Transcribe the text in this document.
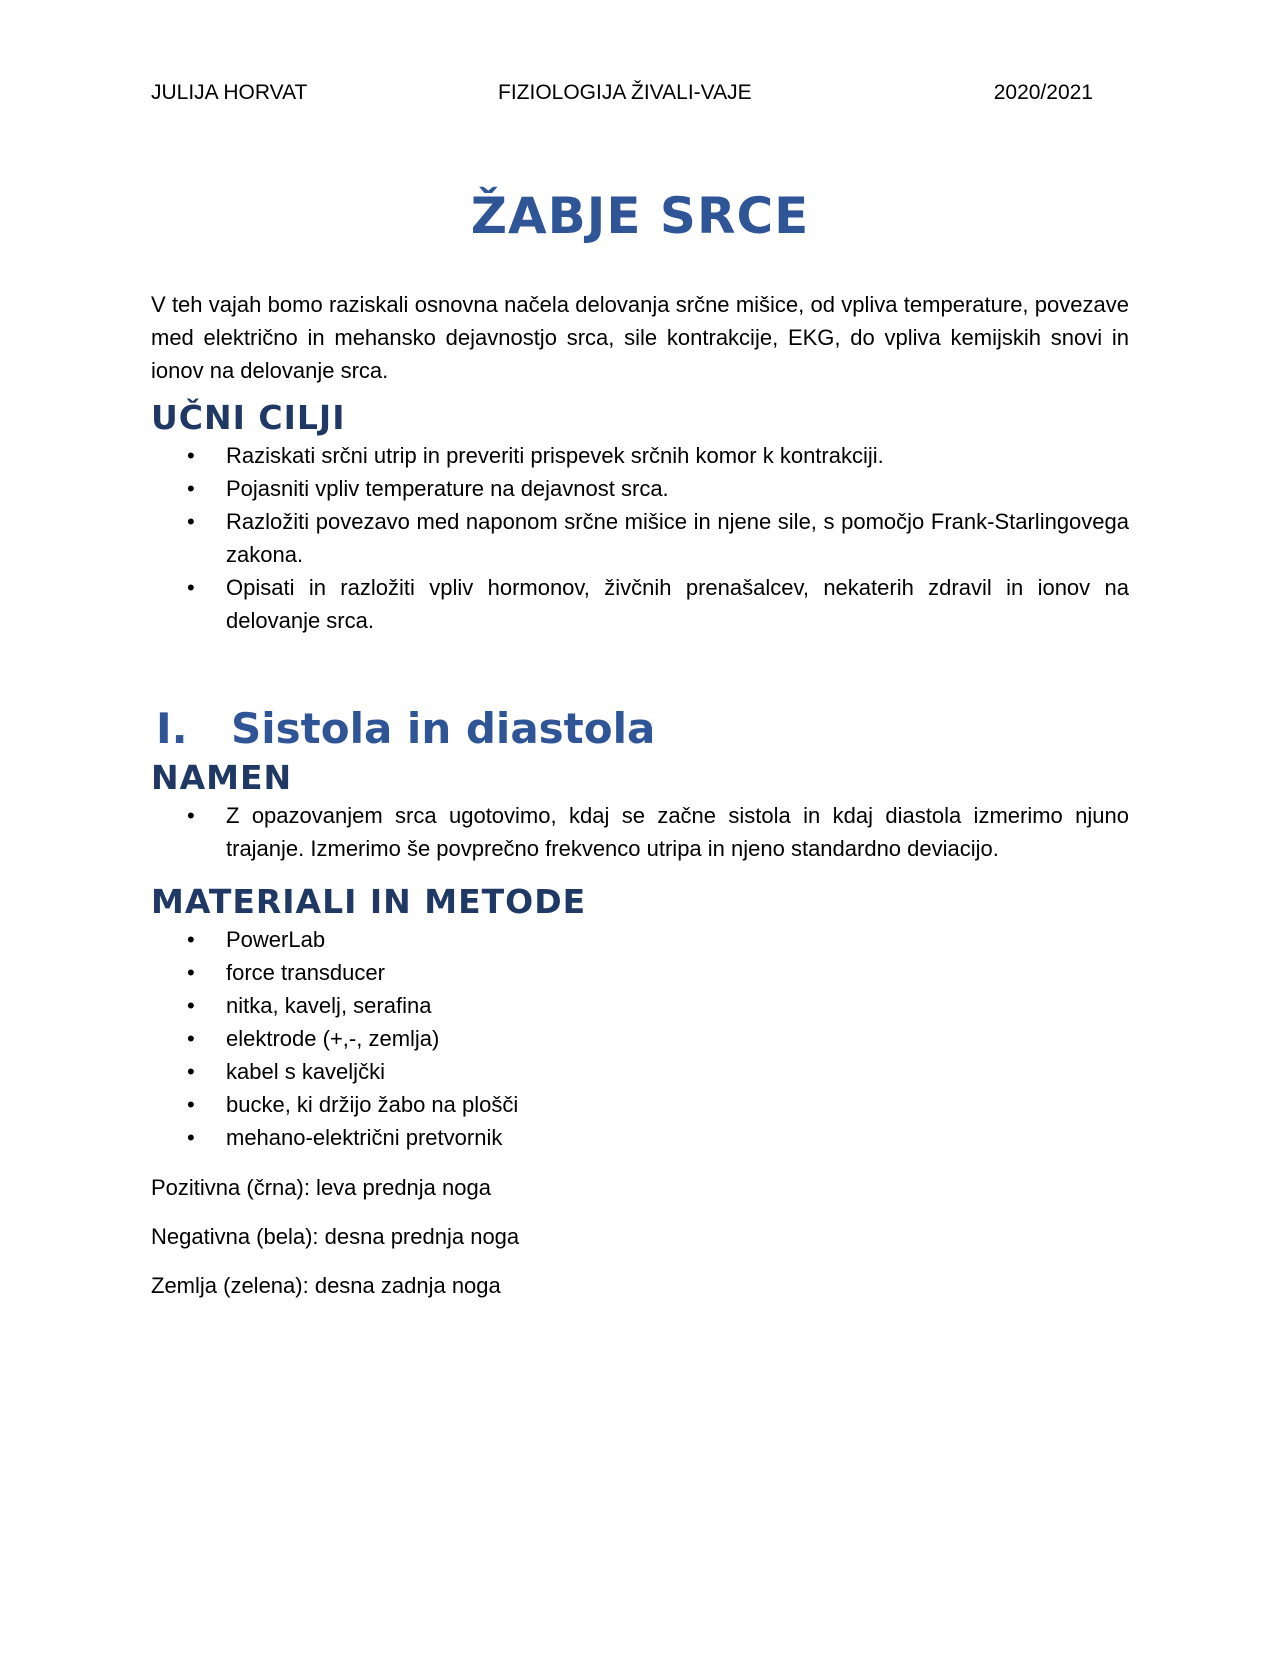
JULIJA HORVAT	FIZIOLOGIJA ŽIVALI-VAJE	2020/2021
ŽABJE SRCE

V teh vajah bomo raziskali osnovna načela delovanja srčne mišice, od vpliva temperature, povezave med električno in mehansko dejavnostjo srca, sile kontrakcije, EKG, do vpliva kemijskih snovi in ionov na delovanje srca.

UČNI CILJI
• Raziskati srčni utrip in preveriti prispevek srčnih komor k kontrakciji.
• Pojasniti vpliv temperature na dejavnost srca.
• Razložiti povezavo med naponom srčne mišice in njene sile, s pomočjo Frank-Starlingovega zakona.
• Opisati in razložiti vpliv hormonov, živčnih prenašalcev, nekaterih zdravil in ionov na delovanje srca.
I.	Sistola in diastola
NAMEN
• Z opazovanjem srca ugotovimo, kdaj se začne sistola in kdaj diastola izmerimo njuno trajanje. Izmerimo še povprečno frekvenco utripa in njeno standardno deviacijo.
MATERIALI IN METODE
• PowerLab
• force transducer
• nitka, kavelj, serafina
• elektrode (+,-, zemlja)
• kabel s kaveljčki
• bucke, ki držijo žabo na plošči
• mehano-električni pretvornik

Pozitivna (črna): leva prednja noga

Negativna (bela): desna prednja noga

Zemlja (zelena): desna zadnja noga
